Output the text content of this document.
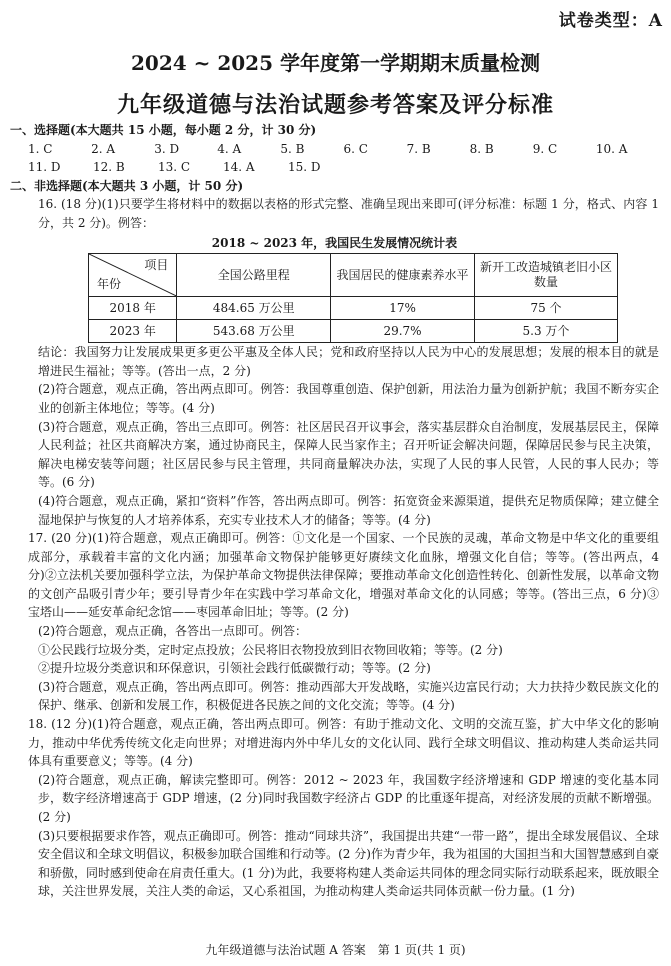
试卷类型：A
2024 ~ 2025 学年度第一学期期末质量检测
九年级道德与法治试题参考答案及评分标准
一、选择题(本大题共 15 小题，每小题 2 分，计 30 分)
1. C	2. A	3. D	4. A	5. B	6. C	7. B	8. B	9. C	10. A
11. D	12. B	13. C	14. A	15. D
二、非选择题(本大题共 3 小题，计 50 分)
16. (18 分)(1)只要学生将材料中的数据以表格的形式完整、准确呈现出来即可(评分标准：标题 1 分，格式、内容 1 分，共 2 分)。例答：
2018 ~ 2023 年，我国民生发展情况统计表
项目
年份	全国公路里程	我国居民的健康素养水平	新开工改造城镇老旧小区数量
2018 年	484.65 万公里	17%	75 个
2023 年	543.68 万公里	29.7%	5.3 万个
结论：我国努力让发展成果更多更公平惠及全体人民；党和政府坚持以人民为中心的发展思想；发展的根本目的就是增进民生福祉；等等。(答出一点，2 分)
(2)符合题意，观点正确，答出两点即可。例答：我国尊重创造、保护创新，用法治力量为创新护航；我国不断夯实企业的创新主体地位；等等。(4 分)
(3)符合题意，观点正确，答出三点即可。例答：社区居民召开议事会，落实基层群众自治制度，发展基层民主，保障人民利益；社区共商解决方案，通过协商民主，保障人民当家作主；召开听证会解决问题，保障居民参与民主决策，解决电梯安装等问题；社区居民参与民主管理，共同商量解决办法，实现了人民的事人民管，人民的事人民办；等等。(6 分)
(4)符合题意，观点正确，紧扣“资料”作答，答出两点即可。例答：拓宽资金来源渠道，提供充足物质保障；建立健全湿地保护与恢复的人才培养体系，充实专业技术人才的储备；等等。(4 分)
17. (20 分)(1)符合题意，观点正确即可。例答：①文化是一个国家、一个民族的灵魂，革命文物是中华文化的重要组成部分，承载着丰富的文化内涵；加强革命文物保护能够更好赓续文化血脉，增强文化自信；等等。(答出两点，4 分)②立法机关要加强科学立法，为保护革命文物提供法律保障；要推动革命文化创造性转化、创新性发展，以革命文物的文创产品吸引青少年；要引导青少年在实践中学习革命文化，增强对革命文化的认同感；等等。(答出三点，6 分)③宝塔山——延安革命纪念馆——枣园革命旧址；等等。(2 分)
(2)符合题意，观点正确，各答出一点即可。例答：
①公民践行垃圾分类，定时定点投放；公民将旧衣物投放到旧衣物回收箱；等等。(2 分)
②提升垃圾分类意识和环保意识，引领社会践行低碳微行动；等等。(2 分)
(3)符合题意，观点正确，答出两点即可。例答：推动西部大开发战略，实施兴边富民行动；大力扶持少数民族文化的保护、继承、创新和发展工作，积极促进各民族之间的文化交流；等等。(4 分)
18. (12 分)(1)符合题意，观点正确，答出两点即可。例答：有助于推动文化、文明的交流互鉴，扩大中华文化的影响力，推动中华优秀传统文化走向世界；对增进海内外中华儿女的文化认同、践行全球文明倡议、推动构建人类命运共同体具有重要意义；等等。(4 分)
(2)符合题意，观点正确，解读完整即可。例答：2012 ~ 2023 年，我国数字经济增速和 GDP 增速的变化基本同步，数字经济增速高于 GDP 增速，(2 分)同时我国数字经济占 GDP 的比重逐年提高，对经济发展的贡献不断增强。(2 分)
(3)只要根据要求作答，观点正确即可。例答：推动“同球共济”，我国提出共建“一带一路”，提出全球发展倡议、全球安全倡议和全球文明倡议，积极参加联合国维和行动等。(2 分)作为青少年，我为祖国的大国担当和大国智慧感到自豪和骄傲，同时感到使命在肩责任重大。(1 分)为此，我要将构建人类命运共同体的理念同实际行动联系起来，既放眼全球，关注世界发展，关注人类的命运，又心系祖国，为推动构建人类命运共同体贡献一份力量。(1 分)
九年级道德与法治试题 A 答案　第 1 页(共 1 页)
